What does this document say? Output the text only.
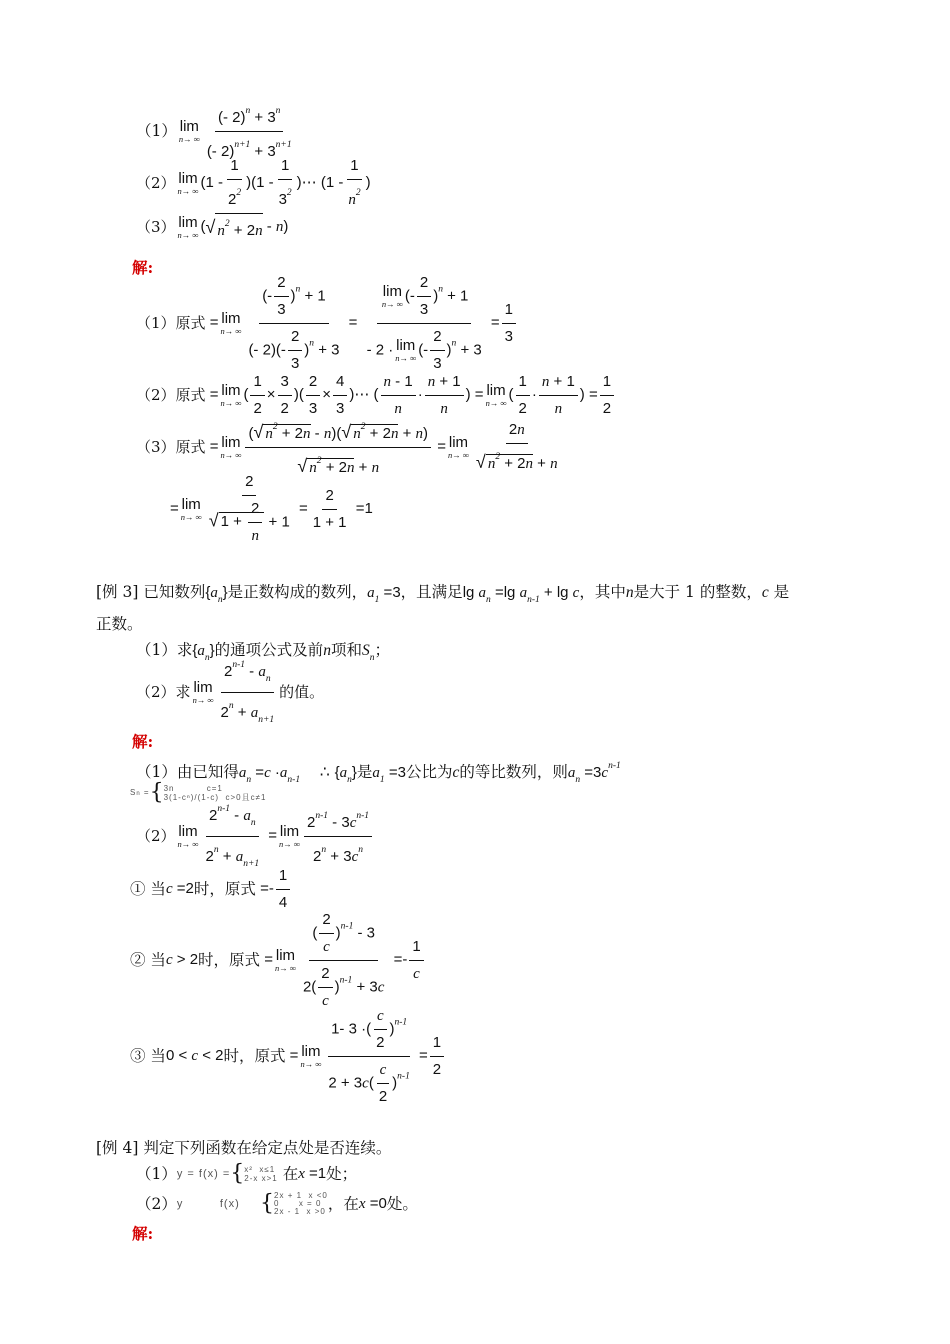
（1） lim
n→ ∞
(- $2)^n + 3^n$
(- $2)^{n+1} + 3^{n+1}$
（2） lim
n→ ∞ (1 -
1
$2^2$
)(1 -
1
$3^2$
)⋯ (1 -
1
$n^2$
)
（3） lim
n→ ∞ ( √ $n^2 + 2n - n$)
解:
（1） 原式 = lim
n→ ∞ $\frac{(- \frac{2}{3} )^n + 1}{(- 2)(- \frac{2}{3} )^n + 3} = \lim$
n→ ∞ (- $\frac{2}{3} )^n + 1$
- 2 · lim
n→ ∞ (- $\frac{2}{3} )^n + 3 = \frac{1}{3}$
（2） 原式 = lim
n→ ∞ (
1
2
×
3
2
)(
2
3
×
4
3
)⋯ (
n - 1
n
· $\frac{n + 1}{n}$ ) = lim
n→ ∞ (
1
2
· $\frac{n + 1}{n}$ ) = $\frac{1}{2}$
（3） 原式 = lim
n→ ∞ $\frac{(√ n^2 + 2n - n)(√ n^2 + 2n + n)}{√ n^2 + 2n + n} = \lim$
n→ ∞
2n
√ $n^2 + 2n + n$
= lim
n→ ∞ $\frac{2}{√ 1 + \frac{2}{n} + 1} = \frac{2}{1 + 1} =1$
[例 3] 已知数列$\{a_n\}$是正数构成的数列，$a_1 =3$，且满足$\lg a_n =\lg$ $a_{n-1} + \lg c$，其中n是大于 1 的整数，c 是
正数。
（1）求$\{a_n\}$的通项公式及前n项和$S_n$；
（2） 求 lim
n→ ∞
$2^{n-1} - a_n$
$2^n + a_{n+1}$
的值。
解:
（1）由已知得$a_n =c \cdot a_{n-1}$ ∴ $\{a_n\}$是$a_1 =3$公比为c的等比数列，则$a_n =3c^{n-1}$
Sn = { 3n          c=1
3(1-cⁿ)/(1-c)  c>0且c≠1
（2） lim
n→ ∞ $\frac{2^{n-1} - a_n}{2^n + a_{n+1}} = \lim$
n→ ∞
$2^{n-1} - 3c^{n-1}$
$2^n + 3c^n$
① 当 c =2 时，原式 =-
1
4
② 当 c > 2 时，原式 = lim
n→ ∞ $\frac{( \frac{2}{c} )^{n-1} - 3}{2( \frac{2}{c} )^{n-1} + 3c}$ =-
1
c
③ 当 0 < c < 2 时，原式 = lim
n→ ∞ $\frac{1- 3 \cdot( \frac{c}{2} )^{n-1}}{2 + 3c( \frac{c}{2} )^{n-1}} = \frac{1}{2}$
[例 4] 判定下列函数在给定点处是否连续。
（1） y = f(x) = { x²  x≤1
2-x x>1
在 x =1 处；
（2） y         f(x) { 2x + 1  x <0
0      x = 0
2x - 1  x >0 ，在 x =0 处。
解:
